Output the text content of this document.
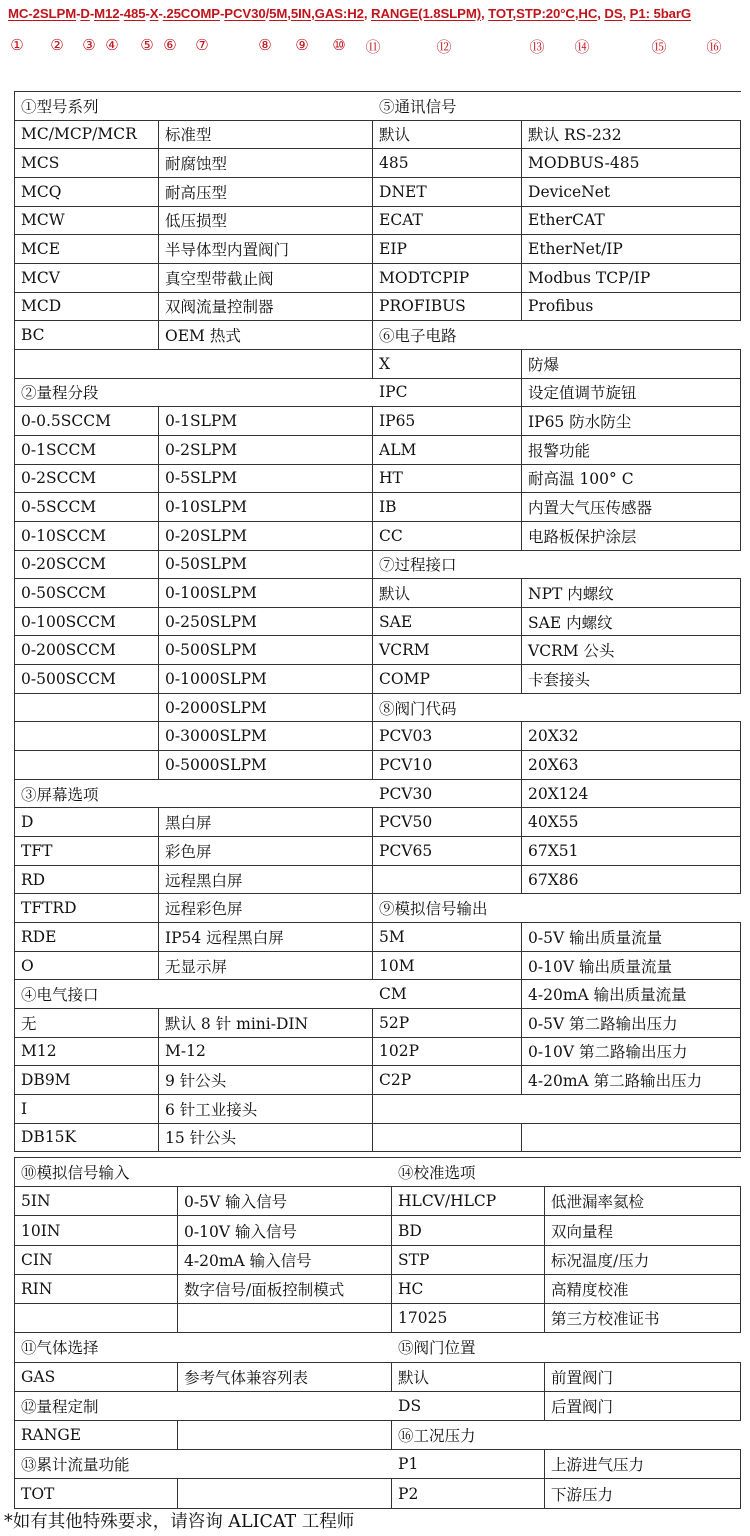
MC-2SLPM-D-M12-485-X-.25COMP-PCV30/5M,5IN,GAS:H2, RANGE(1.8SLPM), TOT,STP:20°C,HC, DS, P1: 5barG
① ② ③ ④ ⑤ ⑥ ⑦	⑧ ⑨ ⑩ ⑪	⑫	⑬ ⑭	⑮	⑯
①型号系列		⑤通讯信号	
MC/MCP/MCR	标准型	默认	默认 RS-232
MCS	耐腐蚀型	485	MODBUS-485
MCQ	耐高压型	DNET	DeviceNet
MCW	低压损型	ECAT	EtherCAT
MCE	半导体型内置阀门	EIP	EtherNet/IP
MCV	真空型带截止阀	MODTCPIP	Modbus TCP/IP
MCD	双阀流量控制器	PROFIBUS	Profibus
BC	OEM 热式	⑥电子电路	
		X	防爆
②量程分段		IPC	设定值调节旋钮
0-0.5SCCM	0-1SLPM	IP65	IP65 防水防尘
0-1SCCM	0-2SLPM	ALM	报警功能
0-2SCCM	0-5SLPM	HT	耐高温 100° C
0-5SCCM	0-10SLPM	IB	内置大气压传感器
0-10SCCM	0-20SLPM	CC	电路板保护涂层
0-20SCCM	0-50SLPM	⑦过程接口	
0-50SCCM	0-100SLPM	默认	NPT 内螺纹
0-100SCCM	0-250SLPM	SAE	SAE 内螺纹
0-200SCCM	0-500SLPM	VCRM	VCRM 公头
0-500SCCM	0-1000SLPM	COMP	卡套接头
	0-2000SLPM	⑧阀门代码	
	0-3000SLPM	PCV03	20X32
	0-5000SLPM	PCV10	20X63
③屏幕选项		PCV30	20X124
D	黑白屏	PCV50	40X55
TFT	彩色屏	PCV65	67X51
RD	远程黑白屏		67X86
TFTRD	远程彩色屏	⑨模拟信号输出	
RDE	IP54 远程黑白屏	5M	0-5V 输出质量流量
O	无显示屏	10M	0-10V 输出质量流量
④电气接口		CM	4-20mA 输出质量流量
无	默认 8 针 mini-DIN	52P	0-5V 第二路输出压力
M12	M-12	102P	0-10V 第二路输出压力
DB9M	9 针公头	C2P	4-20mA 第二路输出压力
I	6 针工业接头		
DB15K	15 针公头		
⑩模拟信号输入		⑭校准选项	
5IN	0-5V 输入信号	HLCV/HLCP	低泄漏率氦检
10IN	0-10V 输入信号	BD	双向量程
CIN	4-20mA 输入信号	STP	标况温度/压力
RIN	数字信号/面板控制模式	HC	高精度校准
		17025	第三方校准证书
⑪气体选择		⑮阀门位置	
GAS	参考气体兼容列表	默认	前置阀门
⑫量程定制		DS	后置阀门
RANGE		⑯工况压力	
⑬累计流量功能		P1	上游进气压力
TOT		P2	下游压力
*如有其他特殊要求，请咨询 ALICAT 工程师
